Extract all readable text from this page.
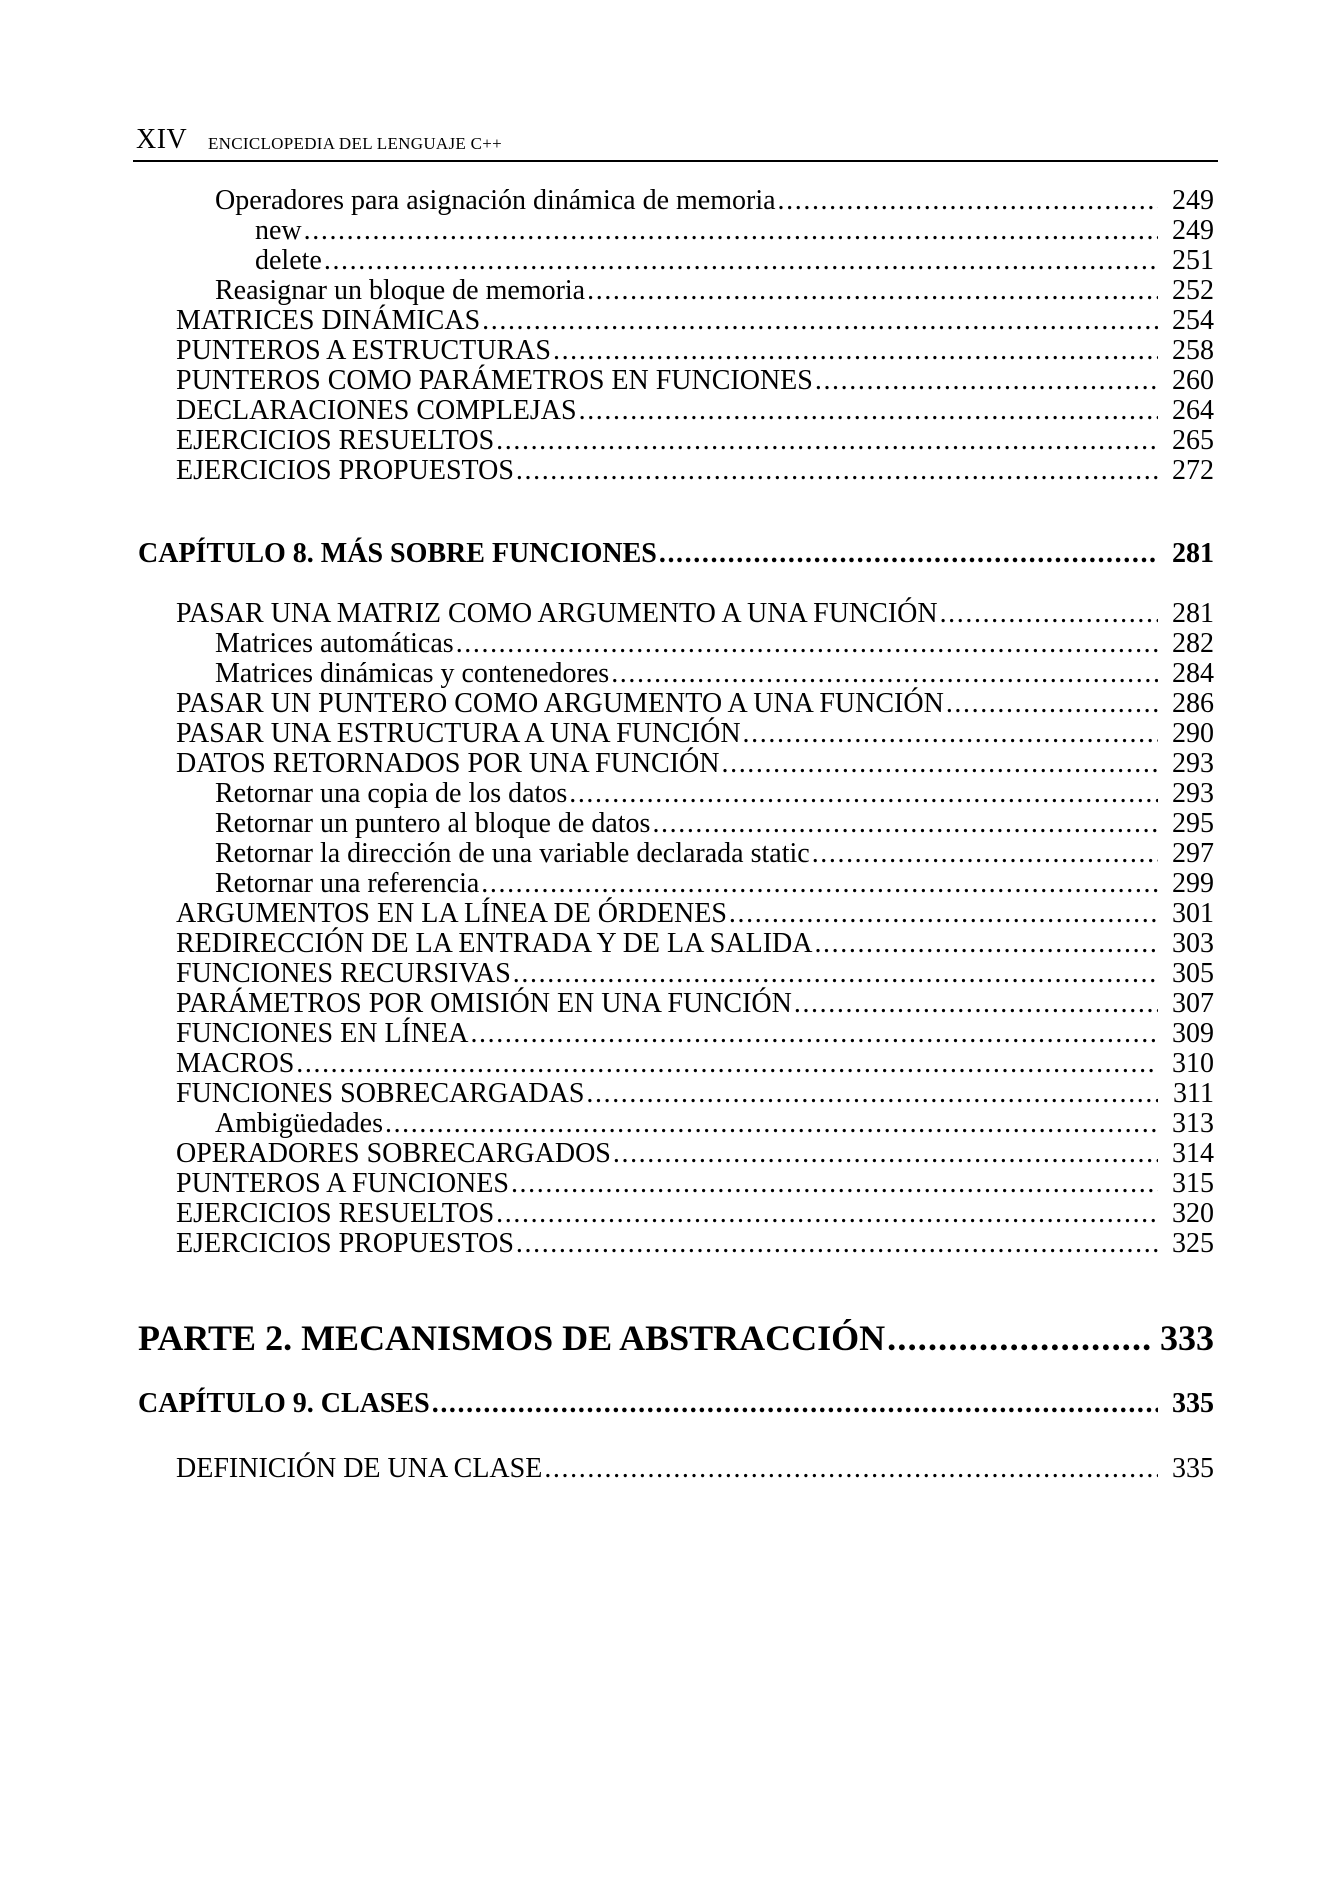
XIV ENCICLOPEDIA DEL LENGUAJE C++
Operadores para asignación dinámica de memoria .....	249
new .....	249
delete .....	251
Reasignar un bloque de memoria .....	252
MATRICES DINÁMICAS .....	254
PUNTEROS A ESTRUCTURAS .....	258
PUNTEROS COMO PARÁMETROS EN FUNCIONES .....	260
DECLARACIONES COMPLEJAS .....	264
EJERCICIOS RESUELTOS .....	265
EJERCICIOS PROPUESTOS .....	272
CAPÍTULO 8. MÁS SOBRE FUNCIONES .....	281
PASAR UNA MATRIZ COMO ARGUMENTO A UNA FUNCIÓN .....	281
Matrices automáticas .....	282
Matrices dinámicas y contenedores .....	284
PASAR UN PUNTERO COMO ARGUMENTO A UNA FUNCIÓN .....	286
PASAR UNA ESTRUCTURA A UNA FUNCIÓN .....	290
DATOS RETORNADOS POR UNA FUNCIÓN .....	293
Retornar una copia de los datos .....	293
Retornar un puntero al bloque de datos .....	295
Retornar la dirección de una variable declarada static .....	297
Retornar una referencia .....	299
ARGUMENTOS EN LA LÍNEA DE ÓRDENES .....	301
REDIRECCIÓN DE LA ENTRADA Y DE LA SALIDA .....	303
FUNCIONES RECURSIVAS .....	305
PARÁMETROS POR OMISIÓN EN UNA FUNCIÓN .....	307
FUNCIONES EN LÍNEA .....	309
MACROS .....	310
FUNCIONES SOBRECARGADAS .....	311
Ambigüedades .....	313
OPERADORES SOBRECARGADOS .....	314
PUNTEROS A FUNCIONES .....	315
EJERCICIOS RESUELTOS .....	320
EJERCICIOS PROPUESTOS .....	325
PARTE 2. MECANISMOS DE ABSTRACCIÓN .....	333
CAPÍTULO 9. CLASES .....	335
DEFINICIÓN DE UNA CLASE .....	335
